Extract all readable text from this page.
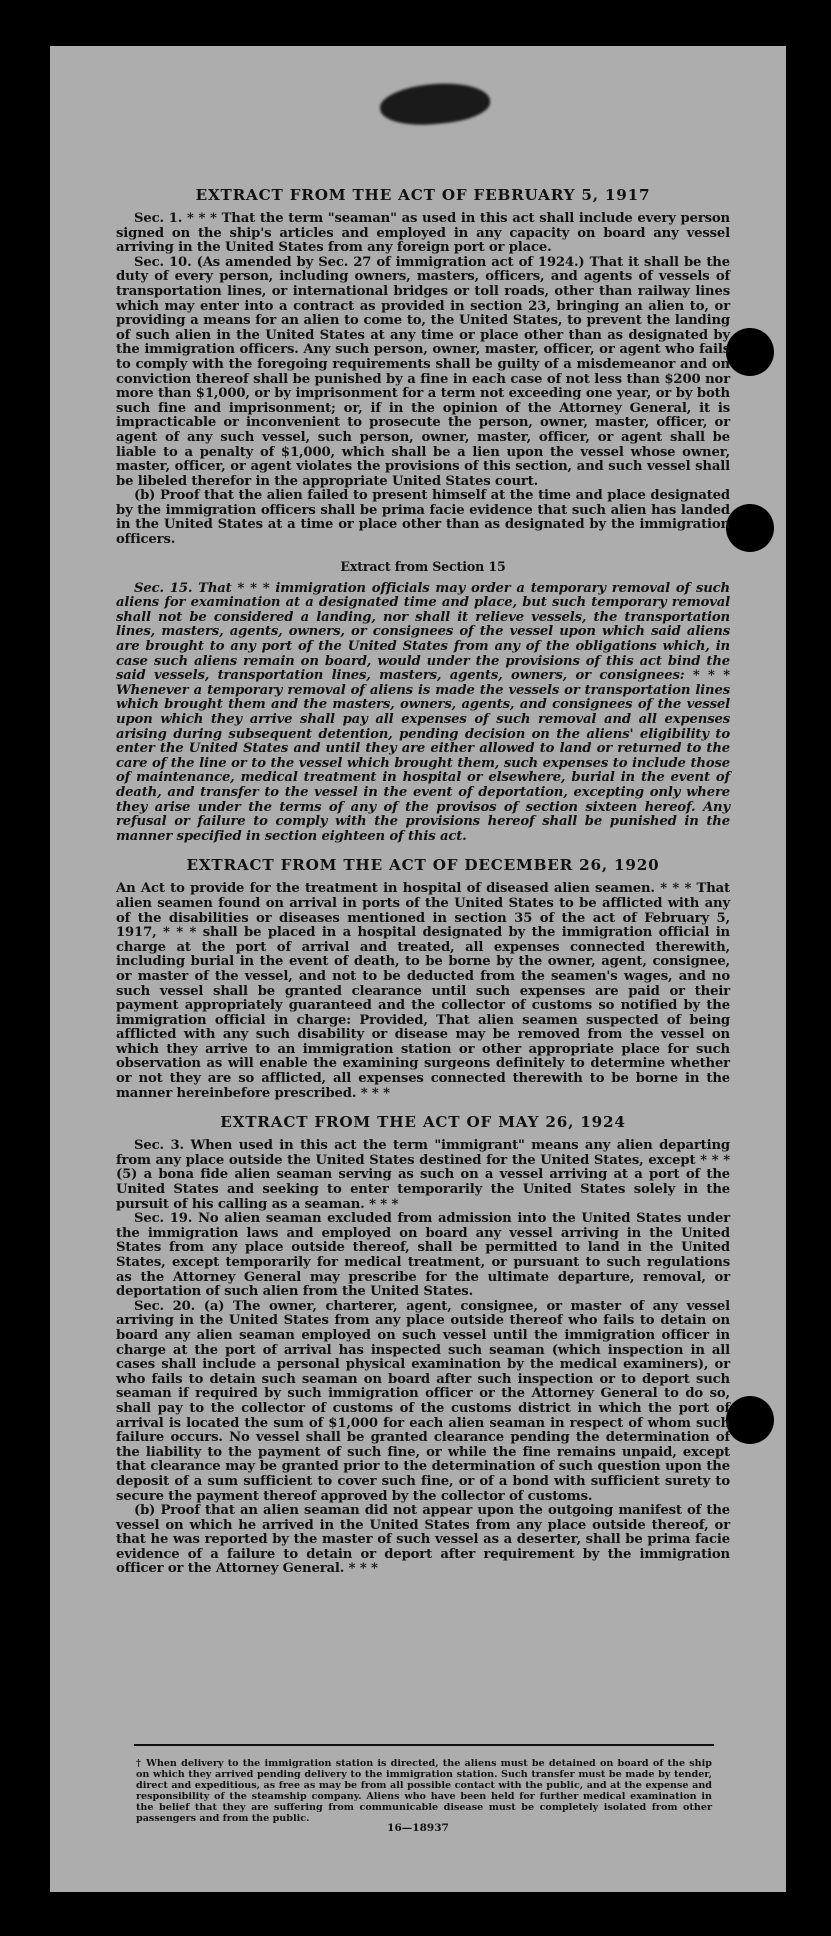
EXTRACT FROM THE ACT OF FEBRUARY 5, 1917

Sec. 1. * * * That the term "seaman" as used in this act shall include every person signed on the ship's articles and employed in any capacity on board any vessel arriving in the United States from any foreign port or place.

Sec. 10. (As amended by Sec. 27 of immigration act of 1924.) That it shall be the duty of every person, including owners, masters, officers, and agents of vessels of transportation lines, or international bridges or toll roads, other than railway lines which may enter into a contract as provided in section 23, bringing an alien to, or providing a means for an alien to come to, the United States, to prevent the landing of such alien in the United States at any time or place other than as designated by the immigration officers. Any such person, owner, master, officer, or agent who fails to comply with the foregoing requirements shall be guilty of a misdemeanor and on conviction thereof shall be punished by a fine in each case of not less than $200 nor more than $1,000, or by imprisonment for a term not exceeding one year, or by both such fine and imprisonment; or, if in the opinion of the Attorney General, it is impracticable or inconvenient to prosecute the person, owner, master, officer, or agent of any such vessel, such person, owner, master, officer, or agent shall be liable to a penalty of $1,000, which shall be a lien upon the vessel whose owner, master, officer, or agent violates the provisions of this section, and such vessel shall be libeled therefor in the appropriate United States court.

(b) Proof that the alien failed to present himself at the time and place designated by the immigration officers shall be prima facie evidence that such alien has landed in the United States at a time or place other than as designated by the immigration officers.

Extract from Section 15

Sec. 15. That * * * immigration officials may order a temporary removal of such aliens for examination at a designated time and place, but such temporary removal shall not be considered a landing, nor shall it relieve vessels, the transportation lines, masters, agents, owners, or consignees of the vessel upon which said aliens are brought to any port of the United States from any of the obligations which, in case such aliens remain on board, would under the provisions of this act bind the said vessels, transportation lines, masters, agents, owners, or consignees: * * * Whenever a temporary removal of aliens is made the vessels or transportation lines which brought them and the masters, owners, agents, and consignees of the vessel upon which they arrive shall pay all expenses of such removal and all expenses arising during subsequent detention, pending decision on the aliens' eligibility to enter the United States and until they are either allowed to land or returned to the care of the line or to the vessel which brought them, such expenses to include those of maintenance, medical treatment in hospital or elsewhere, burial in the event of death, and transfer to the vessel in the event of deportation, excepting only where they arise under the terms of any of the provisos of section sixteen hereof. Any refusal or failure to comply with the provisions hereof shall be punished in the manner specified in section eighteen of this act.

EXTRACT FROM THE ACT OF DECEMBER 26, 1920

An Act to provide for the treatment in hospital of diseased alien seamen. * * * That alien seamen found on arrival in ports of the United States to be afflicted with any of the disabilities or diseases mentioned in section 35 of the act of February 5, 1917, * * * shall be placed in a hospital designated by the immigration official in charge at the port of arrival and treated, all expenses connected therewith, including burial in the event of death, to be borne by the owner, agent, consignee, or master of the vessel, and not to be deducted from the seamen's wages, and no such vessel shall be granted clearance until such expenses are paid or their payment appropriately guaranteed and the collector of customs so notified by the immigration official in charge: Provided, That alien seamen suspected of being afflicted with any such disability or disease may be removed from the vessel on which they arrive to an immigration station or other appropriate place for such observation as will enable the examining surgeons definitely to determine whether or not they are so afflicted, all expenses connected therewith to be borne in the manner hereinbefore prescribed. * * *

EXTRACT FROM THE ACT OF MAY 26, 1924

Sec. 3. When used in this act the term "immigrant" means any alien departing from any place outside the United States destined for the United States, except * * * (5) a bona fide alien seaman serving as such on a vessel arriving at a port of the United States and seeking to enter temporarily the United States solely in the pursuit of his calling as a seaman. * * *

Sec. 19. No alien seaman excluded from admission into the United States under the immigration laws and employed on board any vessel arriving in the United States from any place outside thereof, shall be permitted to land in the United States, except temporarily for medical treatment, or pursuant to such regulations as the Attorney General may prescribe for the ultimate departure, removal, or deportation of such alien from the United States.

Sec. 20. (a) The owner, charterer, agent, consignee, or master of any vessel arriving in the United States from any place outside thereof who fails to detain on board any alien seaman employed on such vessel until the immigration officer in charge at the port of arrival has inspected such seaman (which inspection in all cases shall include a personal physical examination by the medical examiners), or who fails to detain such seaman on board after such inspection or to deport such seaman if required by such immigration officer or the Attorney General to do so, shall pay to the collector of customs of the customs district in which the port of arrival is located the sum of $1,000 for each alien seaman in respect of whom such failure occurs. No vessel shall be granted clearance pending the determination of the liability to the payment of such fine, or while the fine remains unpaid, except that clearance may be granted prior to the determination of such question upon the deposit of a sum sufficient to cover such fine, or of a bond with sufficient surety to secure the payment thereof approved by the collector of customs.

(b) Proof that an alien seaman did not appear upon the outgoing manifest of the vessel on which he arrived in the United States from any place outside thereof, or that he was reported by the master of such vessel as a deserter, shall be prima facie evidence of a failure to detain or deport after requirement by the immigration officer or the Attorney General. * * *

† When delivery to the immigration station is directed, the aliens must be detained on board of the ship on which they arrived pending delivery to the immigration station. Such transfer must be made by tender, direct and expeditious, as free as may be from all possible contact with the public, and at the expense and responsibility of the steamship company. Aliens who have been held for further medical examination in the belief that they are suffering from communicable disease must be completely isolated from other passengers and from the public.
16—18937
